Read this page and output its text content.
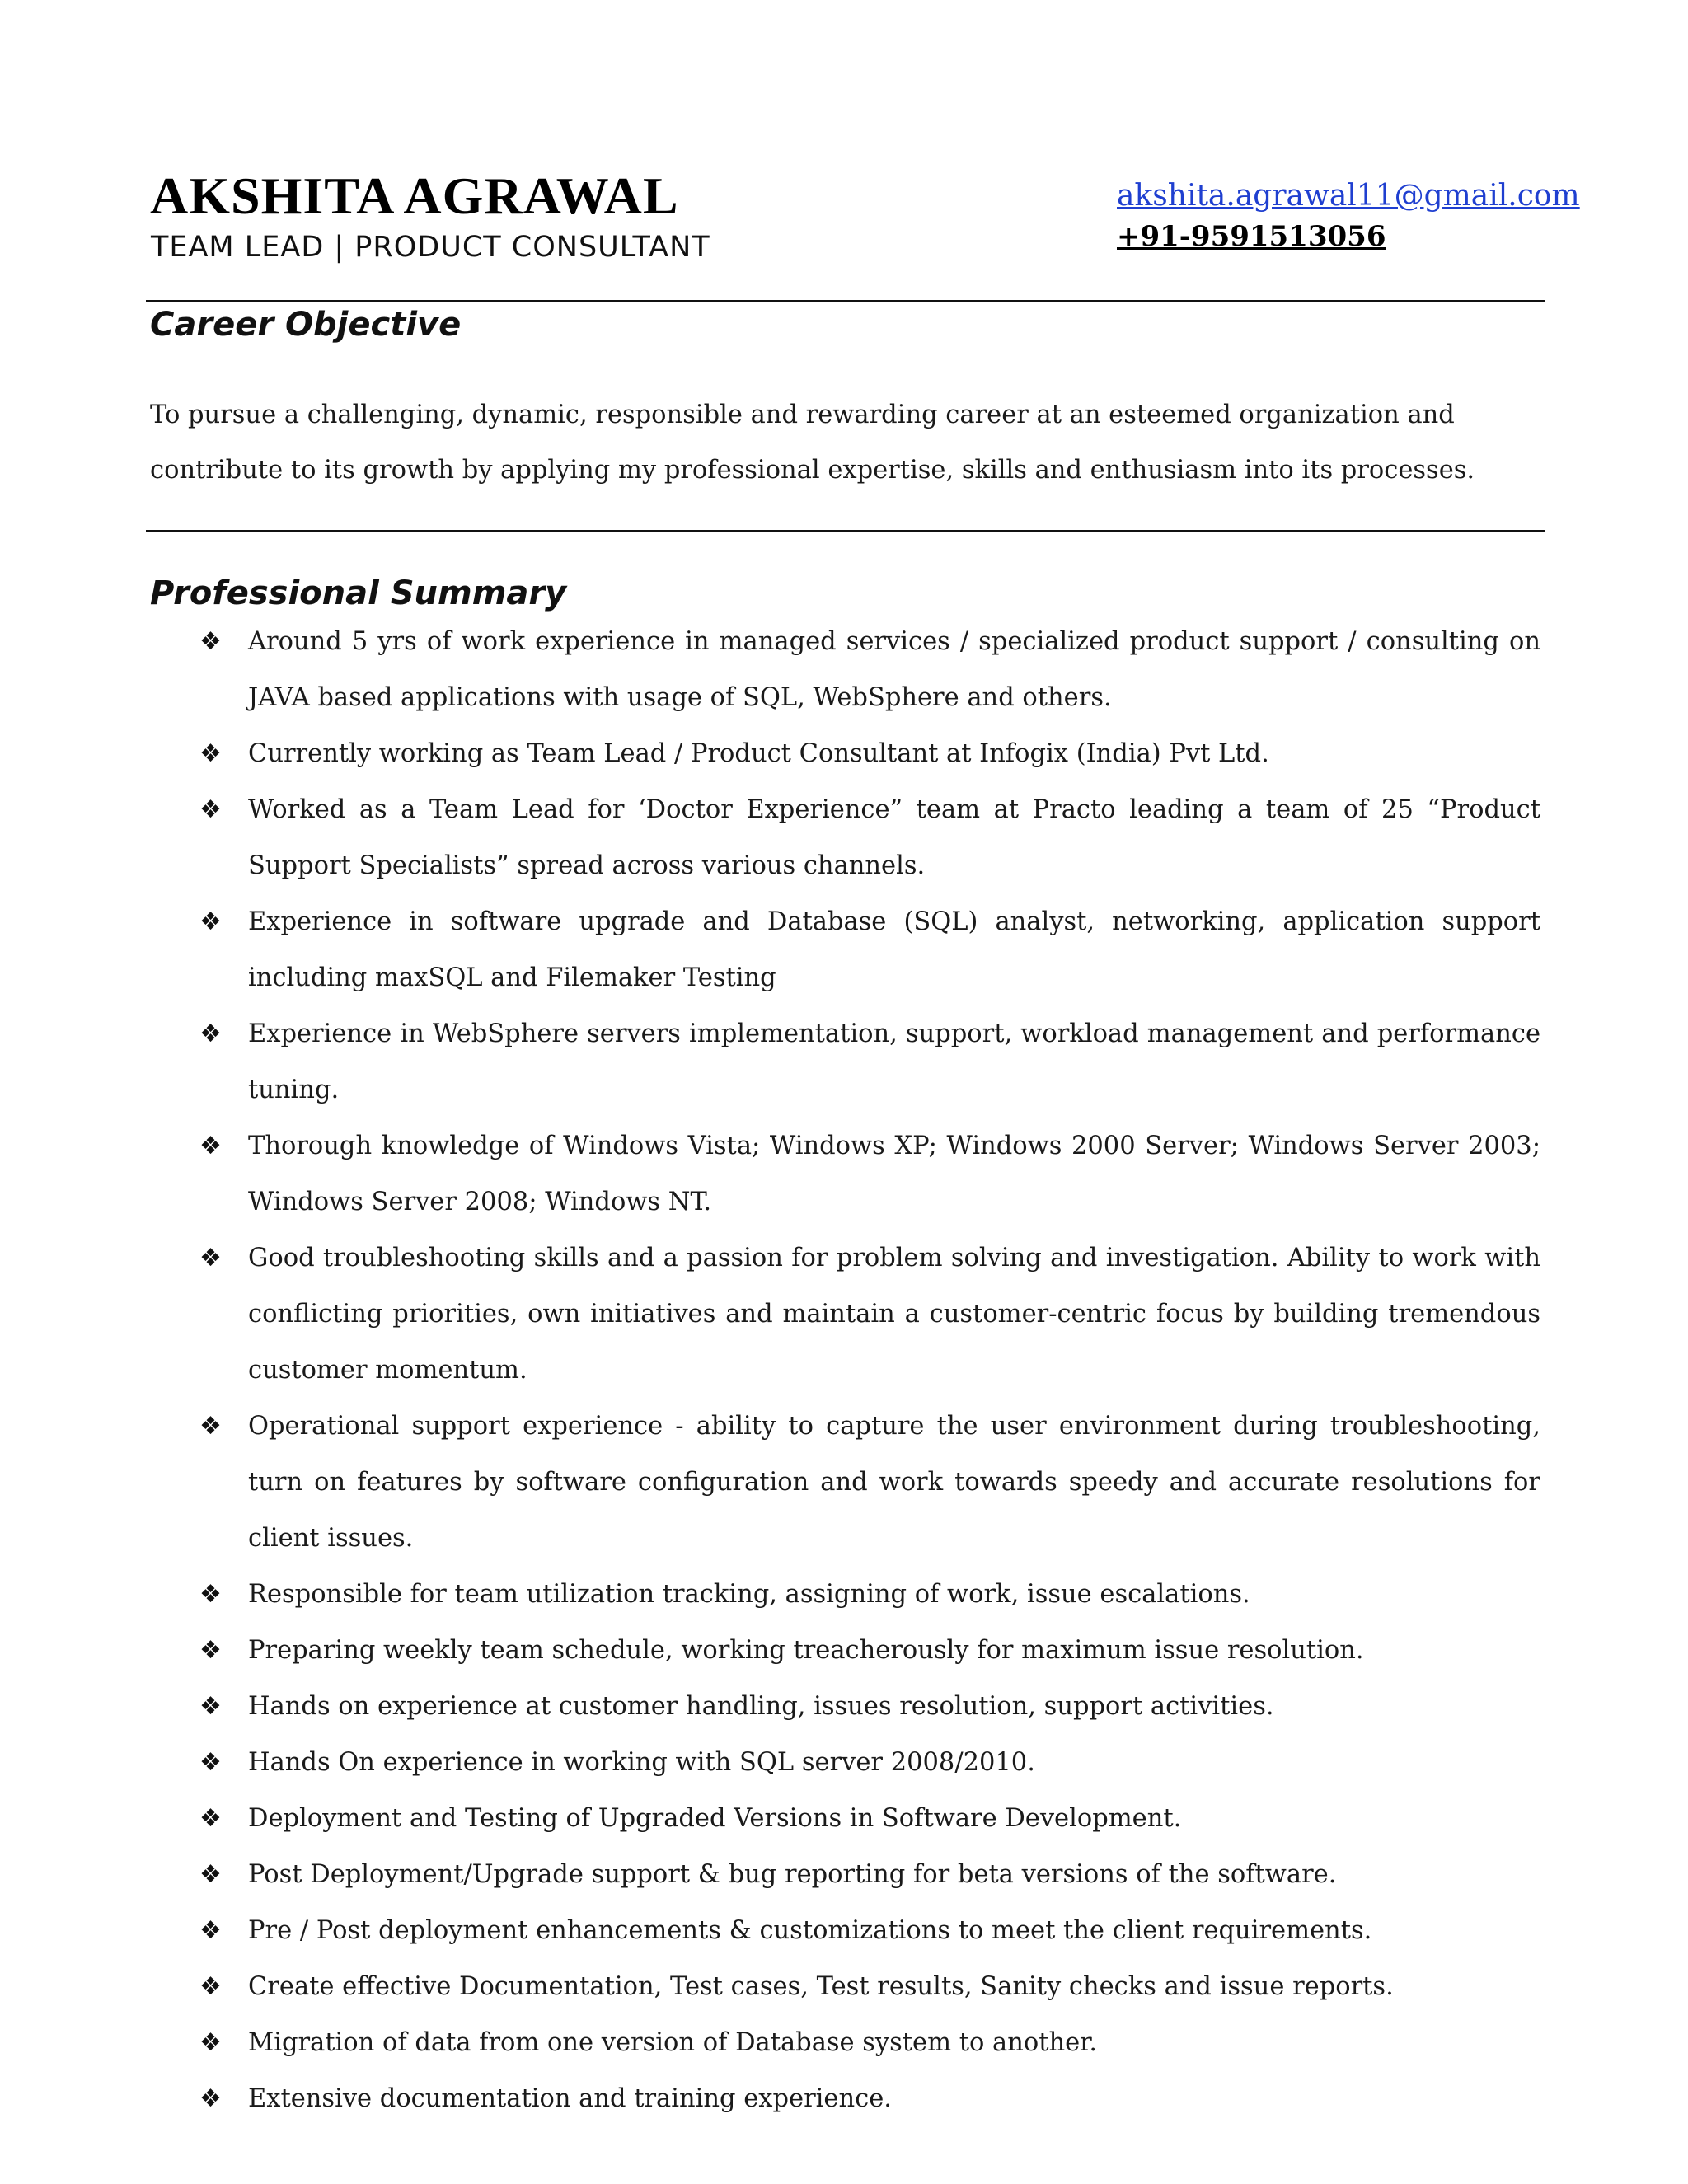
AKSHITA AGRAWAL
TEAM LEAD | PRODUCT CONSULTANT
akshita.agrawal11@gmail.com
+91-9591513056
Career Objective

To pursue a challenging, dynamic, responsible and rewarding career at an esteemed organization and contribute to its growth by applying my professional expertise, skills and enthusiasm into its processes.

Professional Summary
❖ Around 5 yrs of work experience in managed services / specialized product support / consulting on JAVA based applications with usage of SQL, WebSphere and others.
❖ Currently working as Team Lead / Product Consultant at Infogix (India) Pvt Ltd.
❖ Worked as a Team Lead for ‘Doctor Experience” team at Practo leading a team of 25 “Product Support Specialists” spread across various channels.
❖ Experience in software upgrade and Database (SQL) analyst, networking, application support including maxSQL and Filemaker Testing
❖ Experience in WebSphere servers implementation, support, workload management and performance tuning.
❖ Thorough knowledge of Windows Vista; Windows XP; Windows 2000 Server; Windows Server 2003; Windows Server 2008; Windows NT.
❖ Good troubleshooting skills and a passion for problem solving and investigation. Ability to work with conflicting priorities, own initiatives and maintain a customer-centric focus by building tremendous customer momentum.
❖ Operational support experience - ability to capture the user environment during troubleshooting, turn on features by software configuration and work towards speedy and accurate resolutions for client issues.
❖ Responsible for team utilization tracking, assigning of work, issue escalations.
❖ Preparing weekly team schedule, working treacherously for maximum issue resolution.
❖ Hands on experience at customer handling, issues resolution, support activities.
❖ Hands On experience in working with SQL server 2008/2010.
❖ Deployment and Testing of Upgraded Versions in Software Development.
❖ Post Deployment/Upgrade support & bug reporting for beta versions of the software.
❖ Pre / Post deployment enhancements & customizations to meet the client requirements.
❖ Create effective Documentation, Test cases, Test results, Sanity checks and issue reports.
❖ Migration of data from one version of Database system to another.
❖ Extensive documentation and training experience.
